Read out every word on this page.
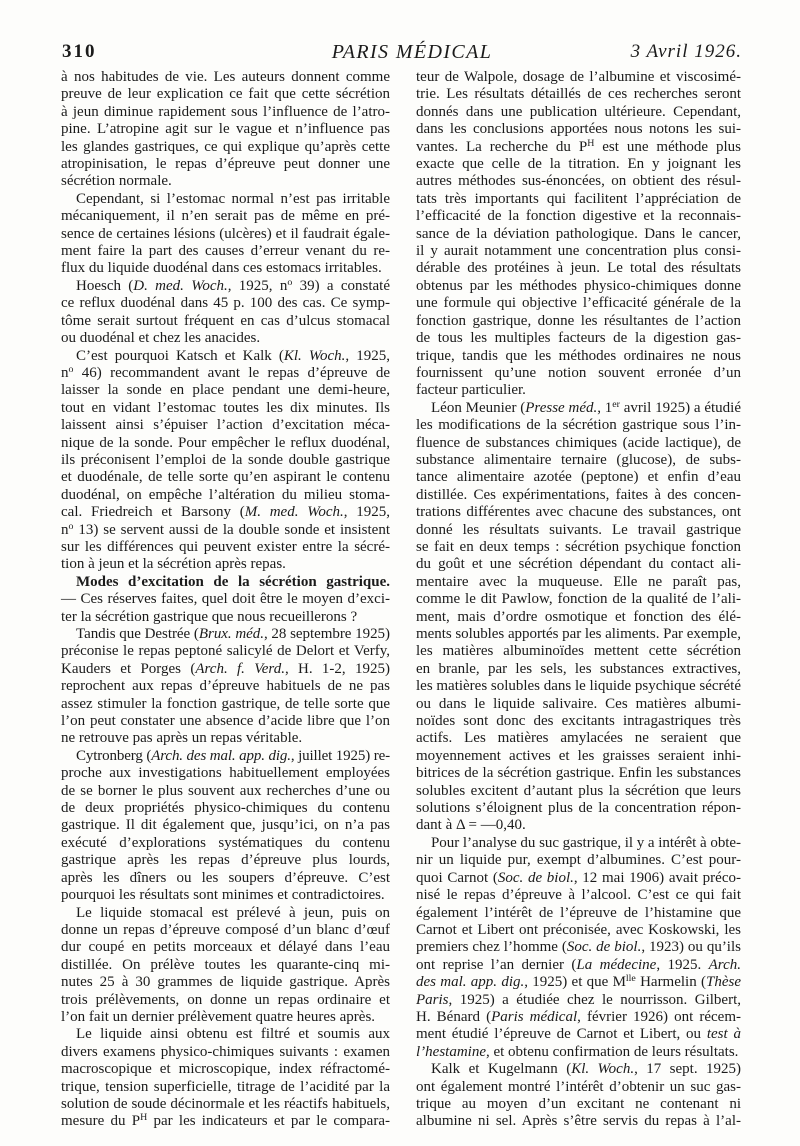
310	PARIS MÉDICAL	3 Avril 1926.
à nos habitudes de vie. Les auteurs donnent comme
preuve de leur explication ce fait que cette sécrétion
à jeun diminue rapidement sous l’influence de l’atro-
pine. L’atropine agit sur le vague et n’influence pas
les glandes gastriques, ce qui explique qu’après cette
atropinisation, le repas d’épreuve peut donner une
sécrétion normale.
Cependant, si l’estomac normal n’est pas irritable
mécaniquement, il n’en serait pas de même en pré-
sence de certaines lésions (ulcères) et il faudrait égale-
ment faire la part des causes d’erreur venant du re-
flux du liquide duodénal dans ces estomacs irritables.
Hoesch (D. med. Woch., 1925, $n^o$ 39) a constaté
ce reflux duodénal dans 45 p. 100 des cas. Ce symp-
tôme serait surtout fréquent en cas d’ulcus stomacal
ou duodénal et chez les anacides.
C’est pourquoi Katsch et Kalk (Kl. Woch., 1925,
$n^o$ 46) recommandent avant le repas d’épreuve de
laisser la sonde en place pendant une demi-heure,
tout en vidant l’estomac toutes les dix minutes. Ils
laissent ainsi s’épuiser l’action d’excitation méca-
nique de la sonde. Pour empêcher le reflux duodénal,
ils préconisent l’emploi de la sonde double gastrique
et duodénale, de telle sorte qu’en aspirant le contenu
duodénal, on empêche l’altération du milieu stoma-
cal. Friedreich et Barsony (M. med. Woch., 1925,
$n^o$ 13) se servent aussi de la double sonde et insistent
sur les différences qui peuvent exister entre la sécré-
tion à jeun et la sécrétion après repas.
Modes d’excitation de la sécrétion gastrique.
— Ces réserves faites, quel doit être le moyen d’exci-
ter la sécrétion gastrique que nous recueillerons ?
Tandis que Destrée (Brux. méd., 28 septembre 1925)
préconise le repas peptoné salicylé de Delort et Verfy,
Kauders et Porges (Arch. f. Verd., H. 1-2, 1925)
reprochent aux repas d’épreuve habituels de ne pas
assez stimuler la fonction gastrique, de telle sorte que
l’on peut constater une absence d’acide libre que l’on
ne retrouve pas après un repas véritable.
Cytronberg (Arch. des mal. app. dig., juillet 1925) re-
proche aux investigations habituellement employées
de se borner le plus souvent aux recherches d’une ou
de deux propriétés physico-chimiques du contenu
gastrique. Il dit également que, jusqu’ici, on n’a pas
exécuté d’explorations systématiques du contenu
gastrique après les repas d’épreuve plus lourds,
après les dîners ou les soupers d’épreuve. C’est
pourquoi les résultats sont minimes et contradictoires.
Le liquide stomacal est prélevé à jeun, puis on
donne un repas d’épreuve composé d’un blanc d’œuf
dur coupé en petits morceaux et délayé dans l’eau
distillée. On prélève toutes les quarante-cinq mi-
nutes 25 à 30 grammes de liquide gastrique. Après
trois prélèvements, on donne un repas ordinaire et
l’on fait un dernier prélèvement quatre heures après.
Le liquide ainsi obtenu est filtré et soumis aux
divers examens physico-chimiques suivants : examen
macroscopique et microscopique, index réfractomé-
trique, tension superficielle, titrage de l’acidité par la
solution de soude décinormale et les réactifs habituels,
mesure du $P^H$ par les indicateurs et par le compara-
teur de Walpole, dosage de l’albumine et viscosimé-
trie. Les résultats détaillés de ces recherches seront
donnés dans une publication ultérieure. Cependant,
dans les conclusions apportées nous notons les sui-
vantes. La recherche du $P^H$ est une méthode plus
exacte que celle de la titration. En y joignant les
autres méthodes sus-énoncées, on obtient des résul-
tats très importants qui facilitent l’appréciation de
l’efficacité de la fonction digestive et la reconnais-
sance de la déviation pathologique. Dans le cancer,
il y aurait notamment une concentration plus consi-
dérable des protéines à jeun. Le total des résultats
obtenus par les méthodes physico-chimiques donne
une formule qui objective l’efficacité générale de la
fonction gastrique, donne les résultantes de l’action
de tous les multiples facteurs de la digestion gas-
trique, tandis que les méthodes ordinaires ne nous
fournissent qu’une notion souvent erronée d’un
facteur particulier.
Léon Meunier (Presse méd., 1er avril 1925) a étudié
les modifications de la sécrétion gastrique sous l’in-
fluence de substances chimiques (acide lactique), de
substance alimentaire ternaire (glucose), de subs-
tance alimentaire azotée (peptone) et enfin d’eau
distillée. Ces expérimentations, faites à des concen-
trations différentes avec chacune des substances, ont
donné les résultats suivants. Le travail gastrique
se fait en deux temps : sécrétion psychique fonction
du goût et une sécrétion dépendant du contact ali-
mentaire avec la muqueuse. Elle ne paraît pas,
comme le dit Pawlow, fonction de la qualité de l’ali-
ment, mais d’ordre osmotique et fonction des élé-
ments solubles apportés par les aliments. Par exemple,
les matières albuminoïdes mettent cette sécrétion
en branle, par les sels, les substances extractives,
les matières solubles dans le liquide psychique sécrété
ou dans le liquide salivaire. Ces matières albumi-
noïdes sont donc des excitants intragastriques très
actifs. Les matières amylacées ne seraient que
moyennement actives et les graisses seraient inhi-
bitrices de la sécrétion gastrique. Enfin les substances
solubles excitent d’autant plus la sécrétion que leurs
solutions s’éloignent plus de la concentration répon-
dant à Δ = —0,40.
Pour l’analyse du suc gastrique, il y a intérêt à obte-
nir un liquide pur, exempt d’albumines. C’est pour-
quoi Carnot (Soc. de biol., 12 mai 1906) avait préco-
nisé le repas d’épreuve à l’alcool. C’est ce qui fait
également l’intérêt de l’épreuve de l’histamine que
Carnot et Libert ont préconisée, avec Koskowski, les
premiers chez l’homme (Soc. de biol., 1923) ou qu’ils
ont reprise l’an dernier (La médecine, 1925. Arch.
des mal. app. dig., 1925) et que $M^{lle}$ Harmelin (Thèse
Paris, 1925) a étudiée chez le nourrisson. Gilbert,
H. Bénard (Paris médical, février 1926) ont récem-
ment étudié l’épreuve de Carnot et Libert, ou test à
l’hestamine, et obtenu confirmation de leurs résultats.
Kalk et Kugelmann (Kl. Woch., 17 sept. 1925)
ont également montré l’intérêt d’obtenir un suc gas-
trique au moyen d’un excitant ne contenant ni
albumine ni sel. Après s’être servis du repas à l’al-
